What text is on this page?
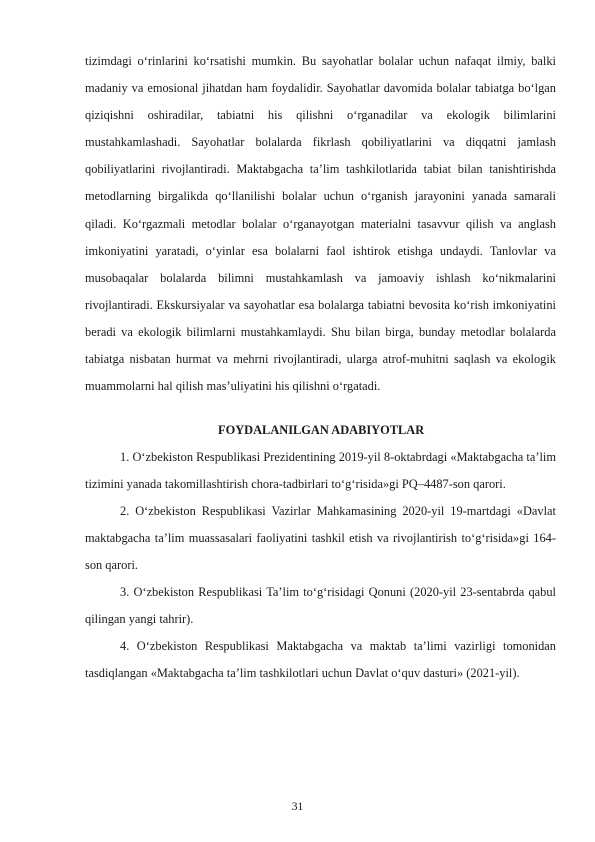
tizimdagi o‘rinlarini ko‘rsatishi mumkin. Bu sayohatlar bolalar uchun nafaqat ilmiy, balki madaniy va emosional jihatdan ham foydalidir. Sayohatlar davomida bolalar tabiatga bo‘lgan qiziqishni oshiradilar, tabiatni his qilishni o‘rganadilar va ekologik bilimlarini mustahkamlashadi. Sayohatlar bolalarda fikrlash qobiliyatlarini va diqqatni jamlash qobiliyatlarini rivojlantiradi. Maktabgacha ta’lim tashkilotlarida tabiat bilan tanishtirishda metodlarning birgalikda qo‘llanilishi bolalar uchun o‘rganish jarayonini yanada samarali qiladi. Ko‘rgazmali metodlar bolalar o‘rganayotgan materialni tasavvur qilish va anglash imkoniyatini yaratadi, o‘yinlar esa bolalarni faol ishtirok etishga undaydi. Tanlovlar va musobaqalar bolalarda bilimni mustahkamlash va jamoaviy ishlash ko‘nikmalarini rivojlantiradi. Ekskursiyalar va sayohatlar esa bolalarga tabiatni bevosita ko‘rish imkoniyatini beradi va ekologik bilimlarni mustahkamlaydi. Shu bilan birga, bunday metodlar bolalarda tabiatga nisbatan hurmat va mehrni rivojlantiradi, ularga atrof-muhitni saqlash va ekologik muammolarni hal qilish mas’uliyatini his qilishni o‘rgatadi.

FOYDALANILGAN ADABIYOTLAR

1. O‘zbekiston Respublikasi Prezidentining 2019-yil 8-oktabrdagi «Maktabgacha ta’lim tizimini yanada takomillashtirish chora-tadbirlari to‘g‘risida»gi PQ–4487-son qarori.
2. O‘zbekiston Respublikasi Vazirlar Mahkamasining 2020-yil 19-martdagi «Davlat maktabgacha ta’lim muassasalari faoliyatini tashkil etish va rivojlantirish to‘g‘risida»gi 164-son qarori.
3. O‘zbekiston Respublikasi Ta’lim to‘g‘risidagi Qonuni (2020-yil 23-sentabrda qabul qilingan yangi tahrir).
4. O‘zbekiston Respublikasi Maktabgacha va maktab ta’limi vazirligi tomonidan tasdiqlangan «Maktabgacha ta’lim tashkilotlari uchun Davlat o‘quv dasturi» (2021-yil).
31
